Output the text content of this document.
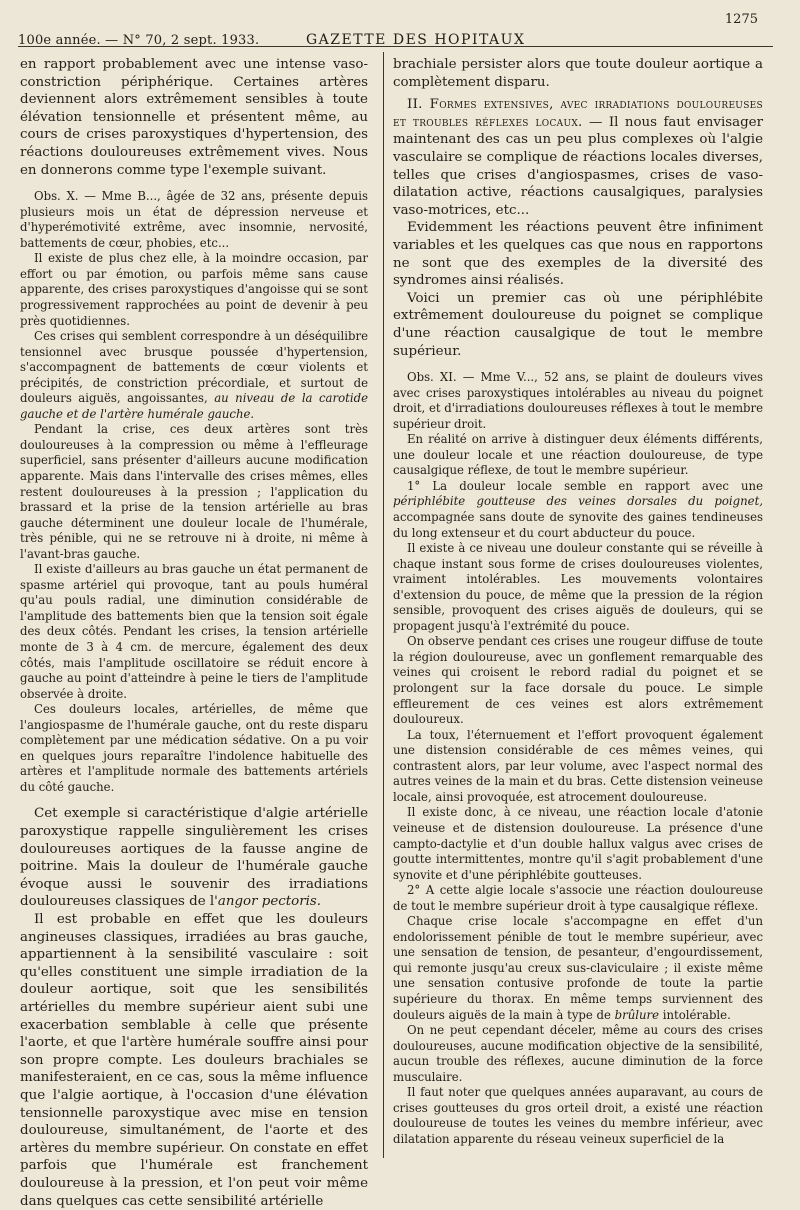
100e année. — N° 70, 2 sept. 1933.	GAZETTE DES HOPITAUX
1275

en rapport probablement avec une intense vaso-constriction périphérique. Certaines artères deviennent alors extrêmement sensibles à toute élévation tensionnelle et présentent même, au cours de crises paroxystiques d'hypertension, des réactions douloureuses extrêmement vives. Nous en donnerons comme type l'exemple suivant.

Obs. X. — Mme B..., âgée de 32 ans, présente depuis plusieurs mois un état de dépression nerveuse et d'hyperémotivité extrême, avec insomnie, nervosité, battements de cœur, phobies, etc...

Il existe de plus chez elle, à la moindre occasion, par effort ou par émotion, ou parfois même sans cause apparente, des crises paroxystiques d'angoisse qui se sont progressivement rapprochées au point de devenir à peu près quotidiennes.

Ces crises qui semblent correspondre à un déséquilibre tensionnel avec brusque poussée d'hypertension, s'accompagnent de battements de cœur violents et précipités, de constriction précordiale, et surtout de douleurs aiguës, angoissantes, au niveau de la carotide gauche et de l'artère humérale gauche.

Pendant la crise, ces deux artères sont très douloureuses à la compression ou même à l'effleurage superficiel, sans présenter d'ailleurs aucune modification apparente. Mais dans l'intervalle des crises mêmes, elles restent douloureuses à la pression ; l'application du brassard et la prise de la tension artérielle au bras gauche déterminent une douleur locale de l'humérale, très pénible, qui ne se retrouve ni à droite, ni même à l'avant-bras gauche.

Il existe d'ailleurs au bras gauche un état permanent de spasme artériel qui provoque, tant au pouls huméral qu'au pouls radial, une diminution considérable de l'amplitude des battements bien que la tension soit égale des deux côtés. Pendant les crises, la tension artérielle monte de 3 à 4 cm. de mercure, également des deux côtés, mais l'amplitude oscillatoire se réduit encore à gauche au point d'atteindre à peine le tiers de l'amplitude observée à droite.

Ces douleurs locales, artérielles, de même que l'angiospasme de l'humérale gauche, ont du reste disparu complètement par une médication sédative. On a pu voir en quelques jours reparaître l'indolence habituelle des artères et l'amplitude normale des battements artériels du côté gauche.

Cet exemple si caractéristique d'algie artérielle paroxystique rappelle singulièrement les crises douloureuses aortiques de la fausse angine de poitrine. Mais la douleur de l'humérale gauche évoque aussi le souvenir des irradiations douloureuses classiques de l'angor pectoris.

Il est probable en effet que les douleurs angineuses classiques, irradiées au bras gauche, appartiennent à la sensibilité vasculaire : soit qu'elles constituent une simple irradiation de la douleur aortique, soit que les sensibilités artérielles du membre supérieur aient subi une exacerbation semblable à celle que présente l'aorte, et que l'artère humérale souffre ainsi pour son propre compte. Les douleurs brachiales se manifesteraient, en ce cas, sous la même influence que l'algie aortique, à l'occasion d'une élévation tensionnelle paroxystique avec mise en tension douloureuse, simultanément, de l'aorte et des artères du membre supérieur. On constate en effet parfois que l'humérale est franchement douloureuse à la pression, et l'on peut voir même dans quelques cas cette sensibilité artérielle

brachiale persister alors que toute douleur aortique a complètement disparu.

II. Formes extensives, avec irradiations douloureuses et troubles réflexes locaux. — Il nous faut envisager maintenant des cas un peu plus complexes où l'algie vasculaire se complique de réactions locales diverses, telles que crises d'angiospasmes, crises de vaso-dilatation active, réactions causalgiques, paralysies vaso-motrices, etc...

Evidemment les réactions peuvent être infiniment variables et les quelques cas que nous en rapportons ne sont que des exemples de la diversité des syndromes ainsi réalisés.

Voici un premier cas où une périphlébite extrêmement douloureuse du poignet se complique d'une réaction causalgique de tout le membre supérieur.

Obs. XI. — Mme V..., 52 ans, se plaint de douleurs vives avec crises paroxystiques intolérables au niveau du poignet droit, et d'irradiations douloureuses réflexes à tout le membre supérieur droit.

En réalité on arrive à distinguer deux éléments différents, une douleur locale et une réaction douloureuse, de type causalgique réflexe, de tout le membre supérieur.

1° La douleur locale semble en rapport avec une périphlébite goutteuse des veines dorsales du poignet, accompagnée sans doute de synovite des gaines tendineuses du long extenseur et du court abducteur du pouce.

Il existe à ce niveau une douleur constante qui se réveille à chaque instant sous forme de crises douloureuses violentes, vraiment intolérables. Les mouvements volontaires d'extension du pouce, de même que la pression de la région sensible, provoquent des crises aiguës de douleurs, qui se propagent jusqu'à l'extrémité du pouce.

On observe pendant ces crises une rougeur diffuse de toute la région douloureuse, avec un gonflement remarquable des veines qui croisent le rebord radial du poignet et se prolongent sur la face dorsale du pouce. Le simple effleurement de ces veines est alors extrêmement douloureux.

La toux, l'éternuement et l'effort provoquent également une distension considérable de ces mêmes veines, qui contrastent alors, par leur volume, avec l'aspect normal des autres veines de la main et du bras. Cette distension veineuse locale, ainsi provoquée, est atrocement douloureuse.

Il existe donc, à ce niveau, une réaction locale d'atonie veineuse et de distension douloureuse. La présence d'une campto-dactylie et d'un double hallux valgus avec crises de goutte intermittentes, montre qu'il s'agit probablement d'une synovite et d'une périphlébite goutteuses.

2° A cette algie locale s'associe une réaction douloureuse de tout le membre supérieur droit à type causalgique réflexe.

Chaque crise locale s'accompagne en effet d'un endolorissement pénible de tout le membre supérieur, avec une sensation de tension, de pesanteur, d'engourdissement, qui remonte jusqu'au creux sus-claviculaire ; il existe même une sensation contusive profonde de toute la partie supérieure du thorax. En même temps surviennent des douleurs aiguës de la main à type de brûlure intolérable.

On ne peut cependant déceler, même au cours des crises douloureuses, aucune modification objective de la sensibilité, aucun trouble des réflexes, aucune diminution de la force musculaire.

Il faut noter que quelques années auparavant, au cours de crises goutteuses du gros orteil droit, a existé une réaction douloureuse de toutes les veines du membre inférieur, avec dilatation apparente du réseau veineux superficiel de la
